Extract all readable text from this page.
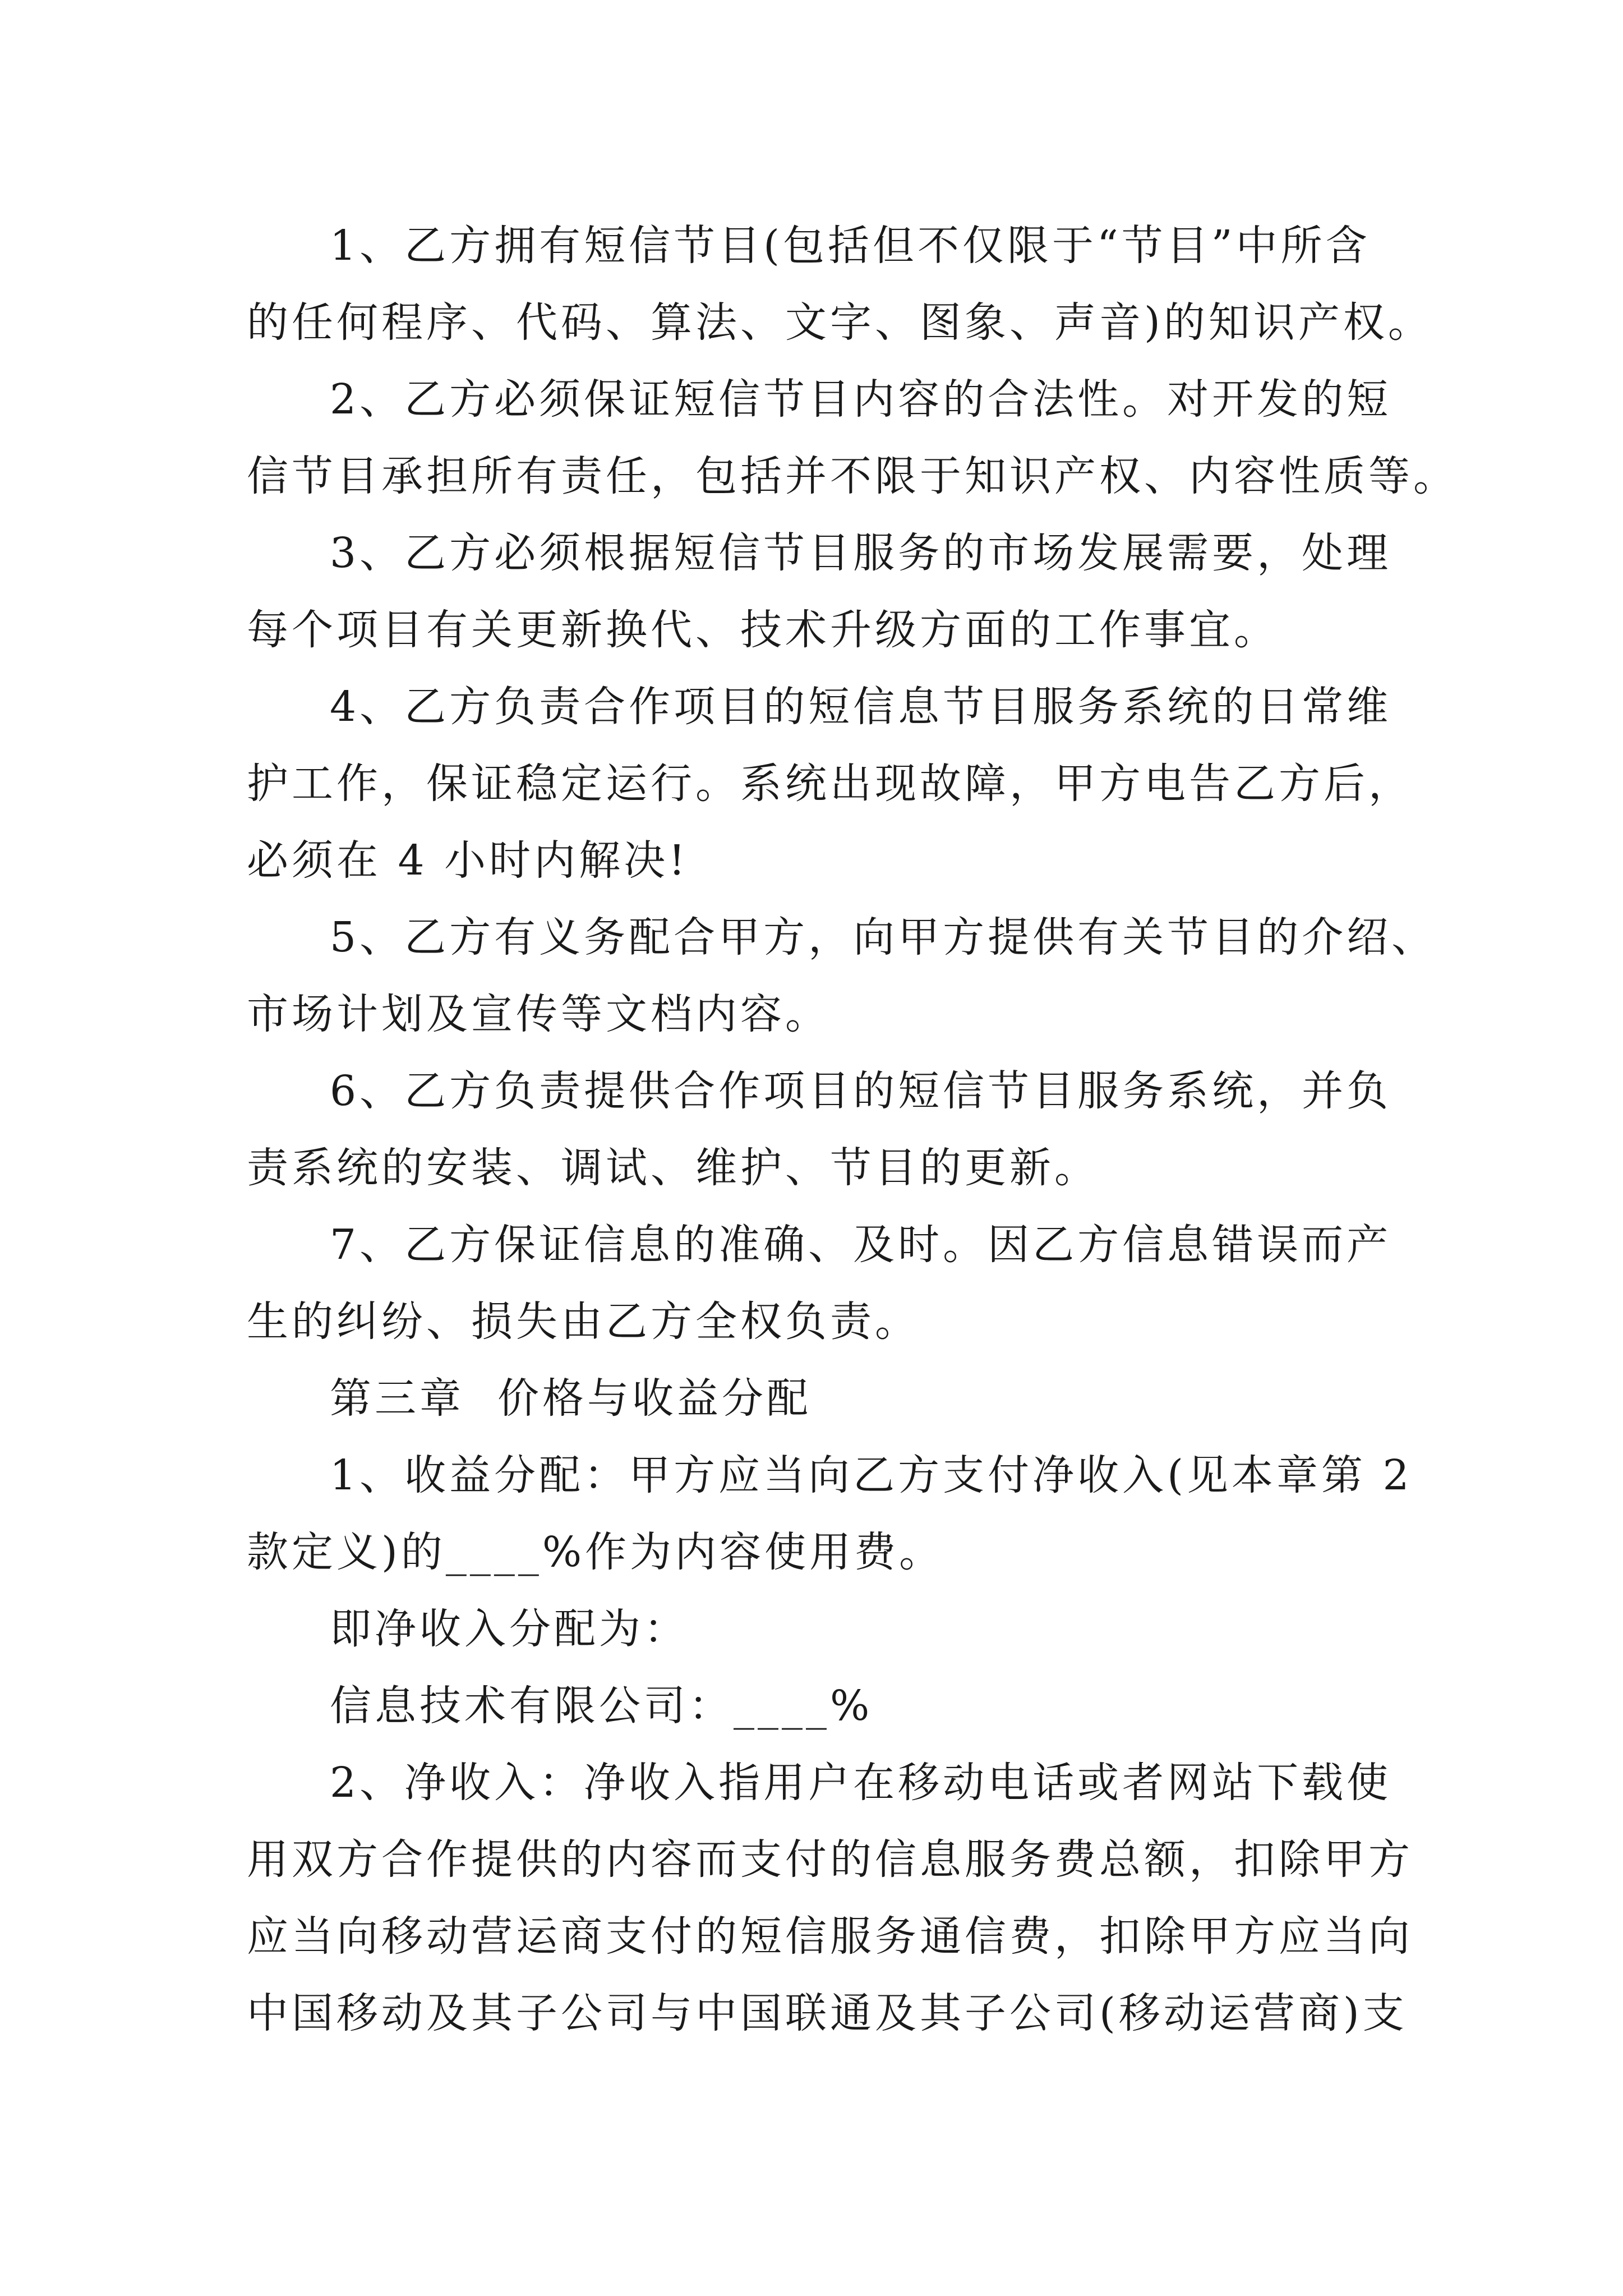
1、乙方拥有短信节目(包括但不仅限于“节目”中所含
的任何程序、代码、算法、文字、图象、声音)的知识产权。
2、乙方必须保证短信节目内容的合法性。对开发的短
信节目承担所有责任，包括并不限于知识产权、内容性质等。
3、乙方必须根据短信节目服务的市场发展需要，处理
每个项目有关更新换代、技术升级方面的工作事宜。
4、乙方负责合作项目的短信息节目服务系统的日常维
护工作，保证稳定运行。系统出现故障，甲方电告乙方后，
必须在 4 小时内解决!
5、乙方有义务配合甲方，向甲方提供有关节目的介绍、
市场计划及宣传等文档内容。
6、乙方负责提供合作项目的短信节目服务系统，并负
责系统的安装、调试、维护、节目的更新。
7、乙方保证信息的准确、及时。因乙方信息错误而产
生的纠纷、损失由乙方全权负责。
第三章  价格与收益分配
1、收益分配：甲方应当向乙方支付净收入(见本章第 2
款定义)的____%作为内容使用费。
即净收入分配为：
信息技术有限公司：____%
2、净收入：净收入指用户在移动电话或者网站下载使
用双方合作提供的内容而支付的信息服务费总额，扣除甲方
应当向移动营运商支付的短信服务通信费，扣除甲方应当向
中国移动及其子公司与中国联通及其子公司(移动运营商)支
